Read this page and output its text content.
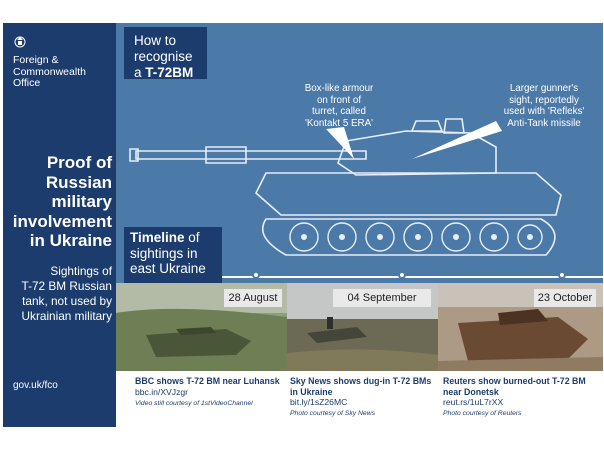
Foreign &
Commonwealth
Office
Proof of
Russian
military
involvement
in Ukraine
Sightings of
T-72 BM Russian
tank, not used by
Ukrainian military
gov.uk/fco
How to
recognise
a T-72BM
Box-like armour
on front of
turret, called
'Kontakt 5 ERA'
Larger gunner's
sight, reportedly
used with 'Refleks'
Anti-Tank missile
Timeline of
sightings in
east Ukraine
28 August	04 September	23 October
BBC shows T-72 BM near Luhansk
bbc.in/XVJzgr
Video still courtesy of 1stVideoChannel
Sky News shows dug-in T-72 BMs in Ukraine
bit.ly/1sZ26MC
Photo courtesy of Sky News
Reuters show burned-out T-72 BM near Donetsk
reut.rs/1uL7rXX
Photo courtesy of Reuters
